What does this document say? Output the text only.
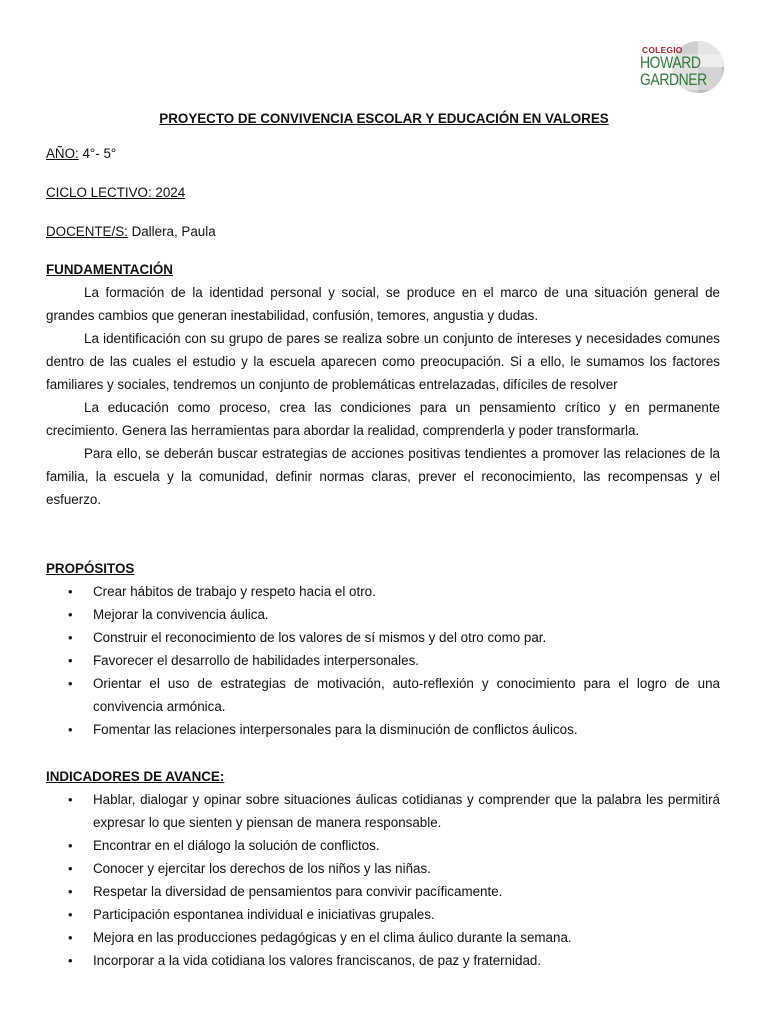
COLEGIO
HOWARD
GARDNER
PROYECTO DE CONVIVENCIA ESCOLAR Y EDUCACIÓN EN VALORES
AÑO: 4°- 5°
CICLO LECTIVO: 2024
DOCENTE/S: Dallera, Paula
FUNDAMENTACIÓN

La formación de la identidad personal y social, se produce en el marco de una situación general de grandes cambios que generan inestabilidad, confusión, temores, angustia y dudas.

La identificación con su grupo de pares se realiza sobre un conjunto de intereses y necesidades comunes dentro de las cuales el estudio y la escuela aparecen como preocupación. Si a ello, le sumamos los factores familiares y sociales, tendremos un conjunto de problemáticas entrelazadas, difíciles de resolver

La educación como proceso, crea las condiciones para un pensamiento crítico y en permanente crecimiento. Genera las herramientas para abordar la realidad, comprenderla y poder transformarla.

Para ello, se deberán buscar estrategias de acciones positivas tendientes a promover las relaciones de la familia, la escuela y la comunidad, definir normas claras, prever el reconocimiento, las recompensas y el esfuerzo.

PROPÓSITOS
• Crear hábitos de trabajo y respeto hacia el otro.
• Mejorar la convivencia áulica.
• Construir el reconocimiento de los valores de sí mismos y del otro como par.
• Favorecer el desarrollo de habilidades interpersonales.
• Orientar el uso de estrategias de motivación, auto-reflexión y conocimiento para el logro de una convivencia armónica.
• Fomentar las relaciones interpersonales para la disminución de conflictos áulicos.
INDICADORES DE AVANCE:
• Hablar, dialogar y opinar sobre situaciones áulicas cotidianas y comprender que la palabra les permitirá expresar lo que sienten y piensan de manera responsable.
• Encontrar en el diálogo la solución de conflictos.
• Conocer y ejercitar los derechos de los niños y las niñas.
• Respetar la diversidad de pensamientos para convivir pacíficamente.
• Participación espontanea individual e iniciativas grupales.
• Mejora en las producciones pedagógicas y en el clima áulico durante la semana.
• Incorporar a la vida cotidiana los valores franciscanos, de paz y fraternidad.
